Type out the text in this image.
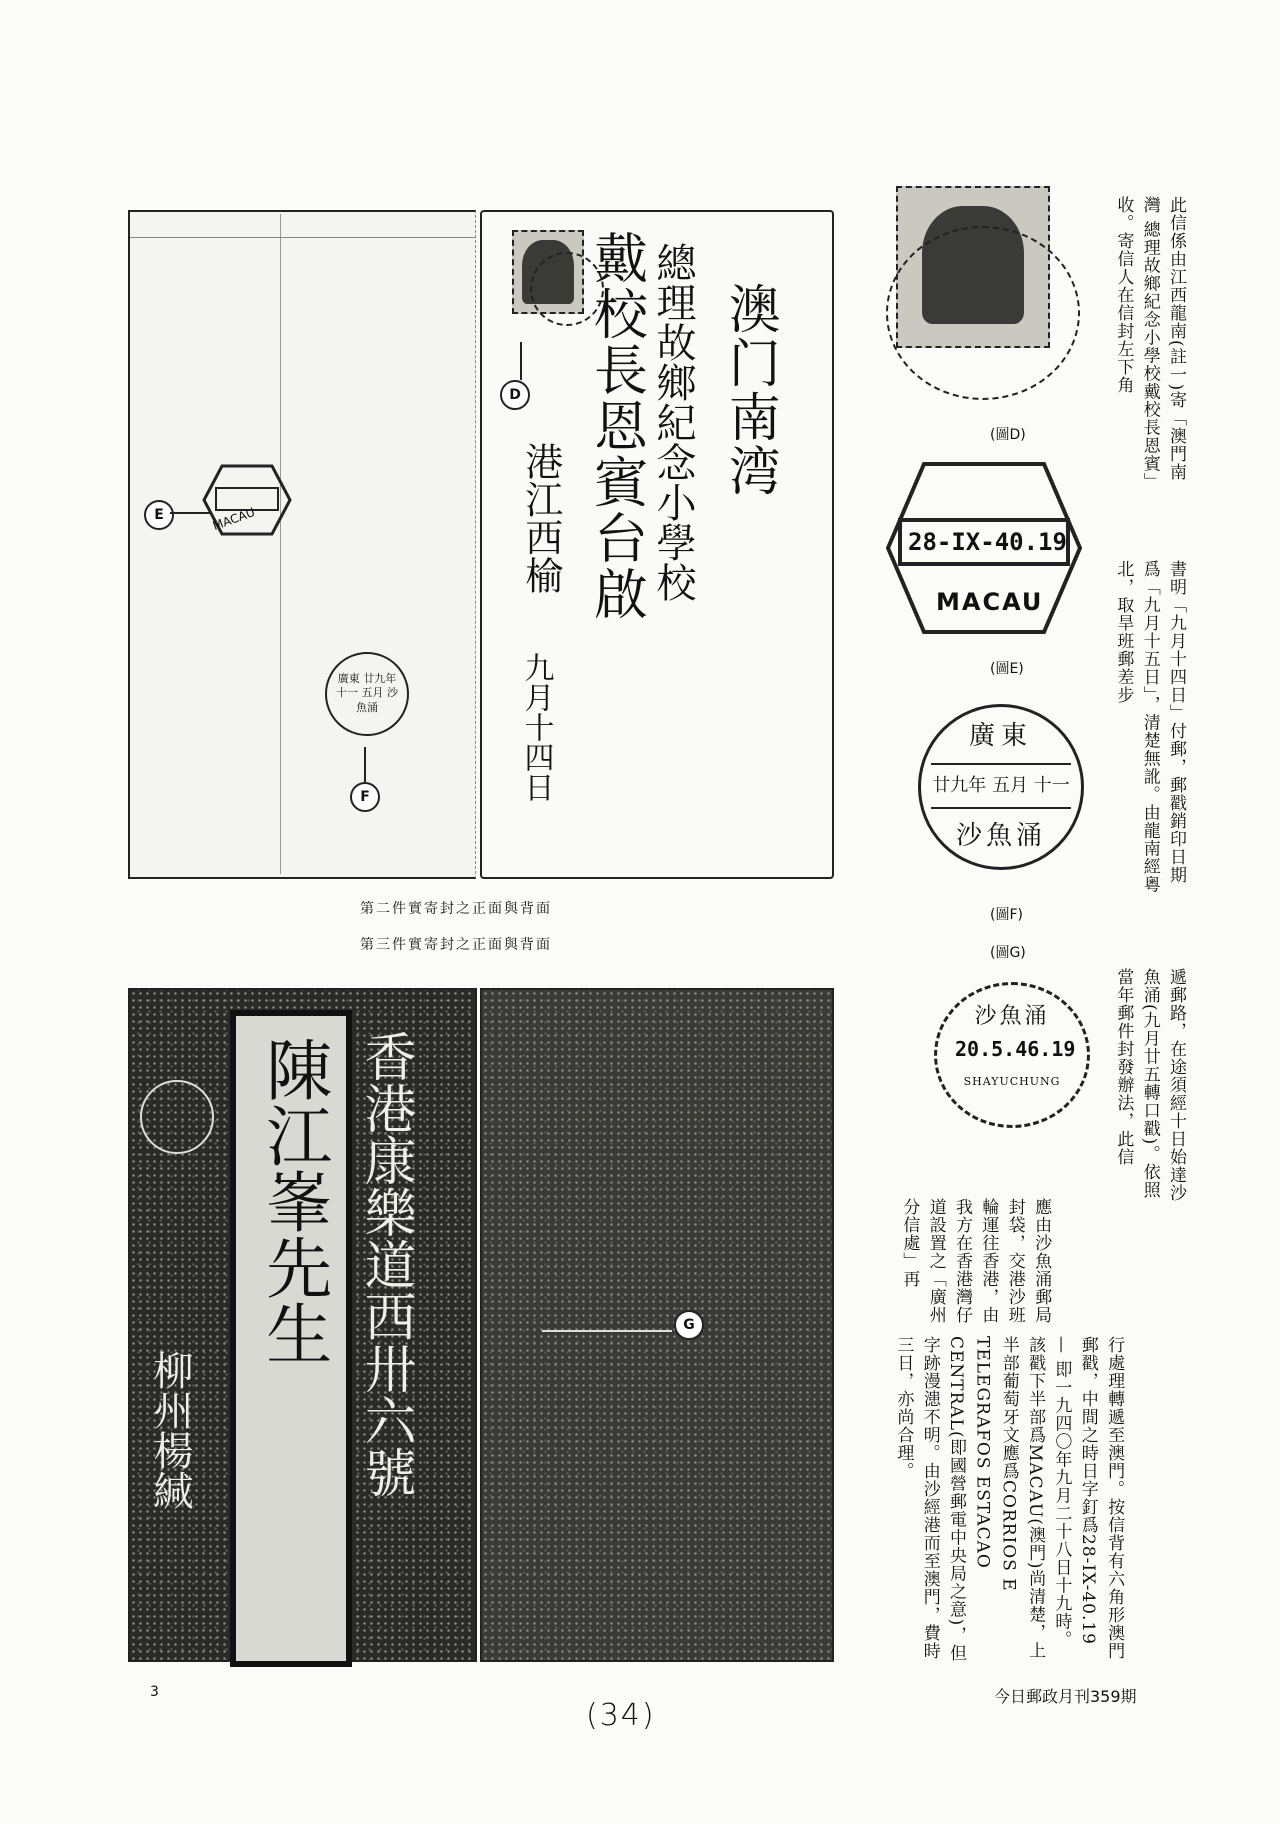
MACAU
E
廣東 廿九年 十一 五月 沙魚涌
F
D	總理故鄉紀念小學校 澳门南湾
戴校長恩賓台啟
港江西榆
九月十四日
第二件實寄封之正面與背面
第三件實寄封之正面與背面
陳江峯先生
柳州楊緘	香港康樂道西卅六號	G
(圖D)
28-IX-40.19
MACAU
(圖E)
廣東
廿九年 五月 十一
沙魚涌
(圖F)
(圖G)
沙魚涌
20.5.46.19
SHAYUCHUNG
此信係由江西龍南(註一)寄「澳門南灣 總理故鄉紀念小學校戴校長恩賓」收。寄信人在信封左下角
書明「九月十四日」付郵，郵戳銷印日期爲「九月十五日」，清楚無訛。由龍南經粵北，取旱班郵差步
遞郵路，在途須經十日始達沙魚涌(九月廿五轉口戳)。依照當年郵件封發辦法，此信
應由沙魚涌郵局封袋，交港沙班輪運往香港，由我方在香港灣仔道設置之「廣州分信處」再
行處理轉遞至澳門。按信背有六角形澳門郵戳，中間之時日字釘爲28-IX-40.19 — 即一九四〇年九月二十八日十九時。該戳下半部爲MACAU(澳門)尚清楚，上半部葡萄牙文應爲CORRIOS E TELEGRAFOS ESTACAO CENTRAL(即國營郵電中央局之意)，但字跡漫漶不明。由沙經港而至澳門，費時三日，亦尚合理。
3
(34)
今日郵政月刊359期
